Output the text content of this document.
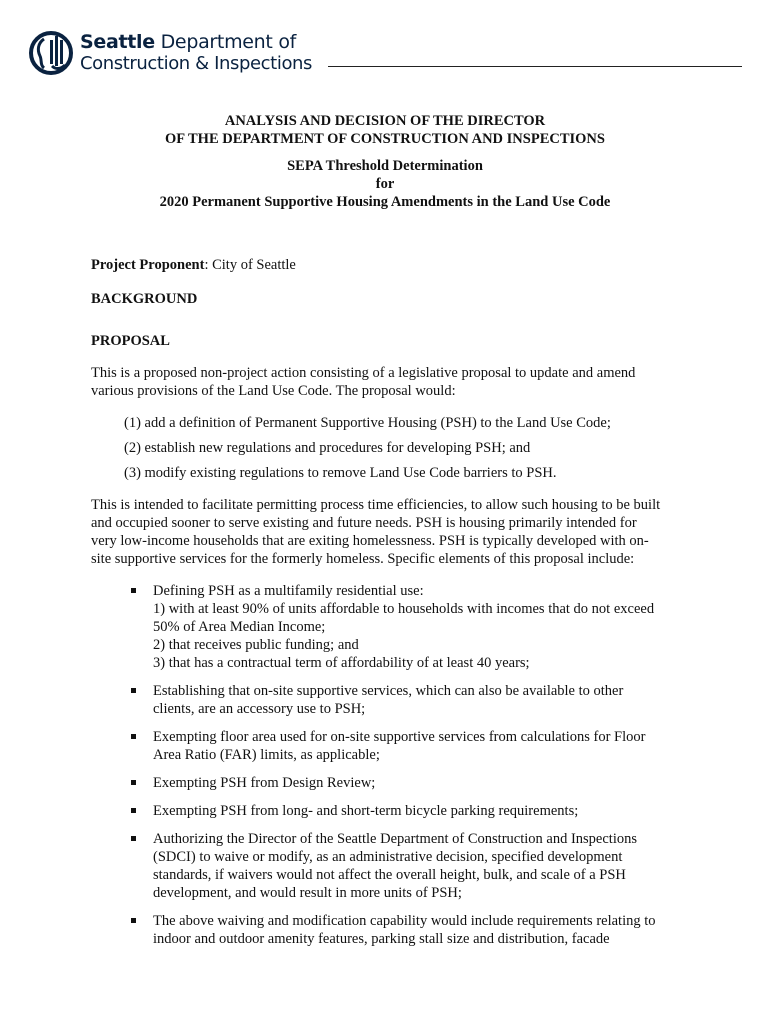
Seattle Department of
Construction & Inspections
ANALYSIS AND DECISION OF THE DIRECTOR
OF THE DEPARTMENT OF CONSTRUCTION AND INSPECTIONS
SEPA Threshold Determination
for
2020 Permanent Supportive Housing Amendments in the Land Use Code

Project Proponent: City of Seattle

BACKGROUND

PROPOSAL

This is a proposed non-project action consisting of a legislative proposal to update and amend various provisions of the Land Use Code. The proposal would:

(1) add a definition of Permanent Supportive Housing (PSH) to the Land Use Code;
(2) establish new regulations and procedures for developing PSH; and
(3) modify existing regulations to remove Land Use Code barriers to PSH.

This is intended to facilitate permitting process time efficiencies, to allow such housing to be built and occupied sooner to serve existing and future needs. PSH is housing primarily intended for very low-income households that are exiting homelessness. PSH is typically developed with on-site supportive services for the formerly homeless. Specific elements of this proposal include:

Defining PSH as a multifamily residential use:
1) with at least 90% of units affordable to households with incomes that do not exceed 50% of Area Median Income;
2) that receives public funding; and
3) that has a contractual term of affordability of at least 40 years;
Establishing that on-site supportive services, which can also be available to other clients, are an accessory use to PSH;
Exempting floor area used for on-site supportive services from calculations for Floor Area Ratio (FAR) limits, as applicable;
Exempting PSH from Design Review;
Exempting PSH from long- and short-term bicycle parking requirements;
Authorizing the Director of the Seattle Department of Construction and Inspections (SDCI) to waive or modify, as an administrative decision, specified development standards, if waivers would not affect the overall height, bulk, and scale of a PSH development, and would result in more units of PSH;
The above waiving and modification capability would include requirements relating to indoor and outdoor amenity features, parking stall size and distribution, facade
